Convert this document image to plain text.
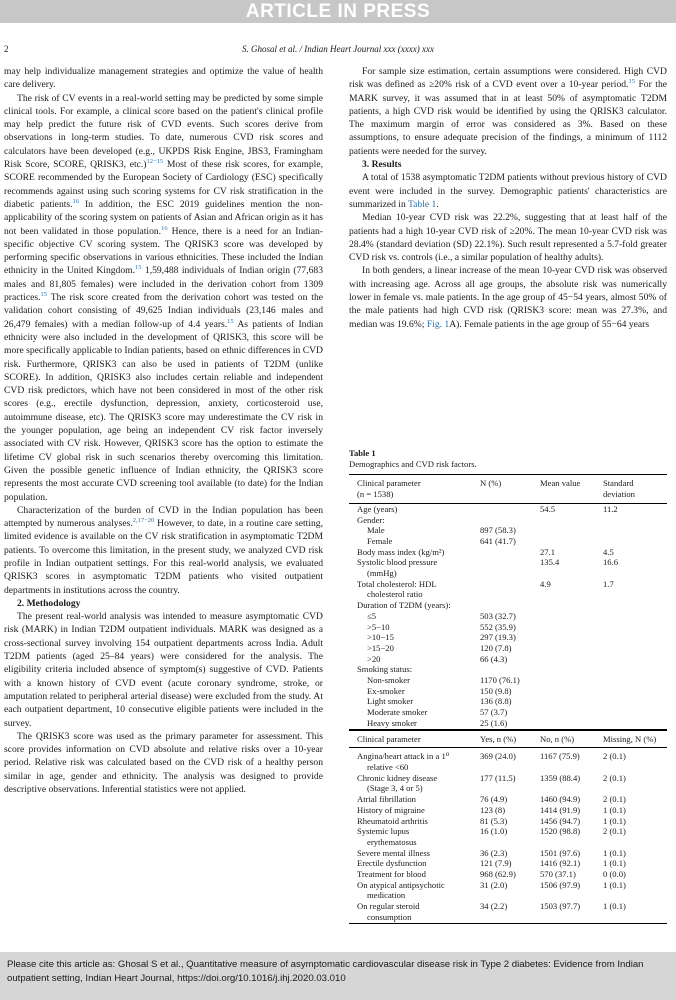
ARTICLE IN PRESS
2	S. Ghosal et al. / Indian Heart Journal xxx (xxxx) xxx

may help individualize management strategies and optimize the value of health care delivery.

The risk of CV events in a real-world setting may be predicted by some simple clinical tools. For example, a clinical score based on the patient's clinical profile may help predict the future risk of CVD events. Such scores derive from observations in long-term studies. To date, numerous CVD risk scores and calculators have been developed (e.g., UKPDS Risk Engine, JBS3, Framingham Risk Score, SCORE, QRISK3, etc.)$^{12-15}$ Most of these risk scores, for example, SCORE recommended by the European Society of Cardiology (ESC) specifically recommends against using such scoring systems for CV risk stratification in the diabetic patients.$^{16}$ In addition, the ESC 2019 guidelines mention the non-applicability of the scoring system on patients of Asian and African origin as it has not been validated in those population.$^{16}$ Hence, there is a need for an Indian-specific objective CV scoring system. The QRISK3 score was developed by performing specific observations in various ethnicities. These included the Indian ethnicity in the United Kingdom.$^{15}$ 1,59,488 individuals of Indian origin (77,683 males and 81,805 females) were included in the derivation cohort from 1309 practices.$^{15}$ The risk score created from the derivation cohort was tested on the validation cohort consisting of 49,625 Indian individuals (23,146 males and 26,479 females) with a median follow-up of 4.4 years.$^{15}$ As patients of Indian ethnicity were also included in the development of QRISK3, this score will be more specifically applicable to Indian patients, based on ethnic differences in CVD risk. Furthermore, QRISK3 can also be used in patients of T2DM (unlike SCORE). In addition, QRISK3 also includes certain reliable and independent CVD risk predictors, which have not been considered in most of the other risk scores (e.g., erectile dysfunction, depression, anxiety, corticosteroid use, autoimmune disease, etc). The QRISK3 score may underestimate the CV risk in the younger population, age being an independent CV risk factor inversely associated with CV risk. However, QRISK3 score has the option to estimate the lifetime CV global risk in such scenarios thereby overcoming this limitation. Given the possible genetic influence of Indian ethnicity, the QRISK3 score represents the most accurate CVD screening tool available (to date) for the Indian population.

Characterization of the burden of CVD in the Indian population has been attempted by numerous analyses.$^{2,17-20}$ However, to date, in a routine care setting, limited evidence is available on the CV risk stratification in asymptomatic T2DM patients. To overcome this limitation, in the present study, we analyzed CVD risk profile in Indian outpatient settings. For this real-world analysis, we evaluated QRISK3 scores in asymptomatic T2DM patients who visited outpatient departments in institutions across the country.

2. Methodology

The present real-world analysis was intended to measure asymptomatic CVD risk (MARK) in Indian T2DM outpatient individuals. MARK was designed as a cross-sectional survey involving 154 outpatient departments across India. Adult T2DM patients (aged 25–84 years) were considered for the analysis. The eligibility criteria included absence of symptom(s) suggestive of CVD. Patients with a known history of CVD event (acute coronary syndrome, stroke, or amputation related to peripheral arterial disease) were excluded from the study. At each outpatient department, 10 consecutive eligible patients were included in the survey.

The QRISK3 score was used as the primary parameter for assessment. This score provides information on CVD absolute and relative risks over a 10-year period. Relative risk was calculated based on the CVD risk of a healthy person similar in age, gender and ethnicity. The analysis was designed to provide descriptive observations. Inferential statistics were not applied.

For sample size estimation, certain assumptions were considered. High CVD risk was defined as ≥20% risk of a CVD event over a 10-year period.$^{15}$ For the MARK survey, it was assumed that in at least 50% of asymptomatic T2DM patients, a high CVD risk would be identified by using the QRISK3 calculator. The maximum margin of error was considered as 3%. Based on these assumptions, to ensure adequate precision of the findings, a minimum of 1112 patients were needed for the survey.

3. Results

A total of 1538 asymptomatic T2DM patients without previous history of CVD event were included in the survey. Demographic patients' characteristics are summarized in Table 1.

Median 10-year CVD risk was 22.2%, suggesting that at least half of the patients had a high 10-year CVD risk of ≥20%. The mean 10-year CVD risk was 28.4% (standard deviation (SD) 22.1%). Such result represented a 5.7-fold greater CVD risk vs. controls (i.e., a similar population of healthy adults).

In both genders, a linear increase of the mean 10-year CVD risk was observed with increasing age. Across all age groups, the absolute risk was numerically lower in female vs. male patients. In the age group of 45−54 years, almost 50% of the male patients had high CVD risk (QRISK3 score: mean was 27.3%, and median was 19.6%; Fig. 1A). Female patients in the age group of 55−64 years

Table 1
Demographics and CVD risk factors.
Clinical parameter
(n = 1538)	N (%)	Mean value	Standard
deviation
Age (years)		54.5	11.2
Gender:			
Male	897 (58.3)		
Female	641 (41.7)		
Body mass index (kg/m²)		27.1	4.5
Systolic blood pressure
(mmHg)		135.4	16.6
Total cholesterol: HDL
cholesterol ratio		4.9	1.7
Duration of T2DM (years):			
≤5	503 (32.7)		
>5−10	552 (35.9)		
>10−15	297 (19.3)		
>15−20	120 (7.8)		
>20	66 (4.3)		
Smoking status:			
Non-smoker	1170 (76.1)		
Ex-smoker	150 (9.8)		
Light smoker	136 (8.8)		
Moderate smoker	57 (3.7)		
Heavy smoker	25 (1.6)		
Clinical parameter	Yes, n (%)	No, n (%)	Missing, N (%)
Angina/heart attack in a 1⁰
relative <60	369 (24.0)	1167 (75.9)	2 (0.1)
Chronic kidney disease
(Stage 3, 4 or 5)	177 (11.5)	1359 (88.4)	2 (0.1)
Atrial fibrillation	76 (4.9)	1460 (94.9)	2 (0.1)
History of migraine	123 (8)	1414 (91.9)	1 (0.1)
Rheumatoid arthritis	81 (5.3)	1456 (94.7)	1 (0.1)
Systemic lupus
erythematosus	16 (1.0)	1520 (98.8)	2 (0.1)
Severe mental illness	36 (2.3)	1501 (97.6)	1 (0.1)
Erectile dysfunction	121 (7.9)	1416 (92.1)	1 (0.1)
Treatment for blood	968 (62.9)	570 (37.1)	0 (0.0)
On atypical antipsychotic
medication	31 (2.0)	1506 (97.9)	1 (0.1)
On regular steroid
consumption	34 (2.2)	1503 (97.7)	1 (0.1)
Please cite this article as: Ghosal S et al., Quantitative measure of asymptomatic cardiovascular disease risk in Type 2 diabetes: Evidence from Indian outpatient setting, Indian Heart Journal, https://doi.org/10.1016/j.ihj.2020.03.010
